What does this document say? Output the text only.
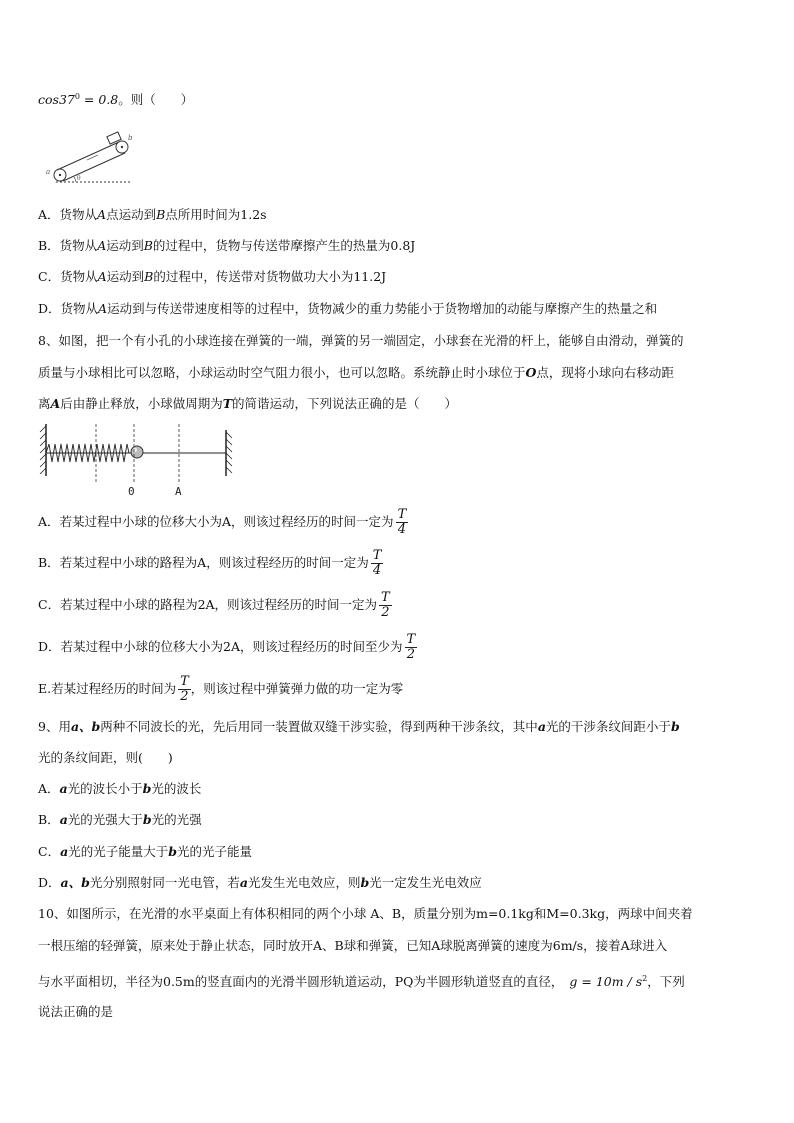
$\cos 37^0 = 0.8$。则（　　）
a
b
θ
A．货物从A点运动到B点所用时间为1.2s
B．货物从A运动到B的过程中，货物与传送带摩擦产生的热量为0.8J
C．货物从A运动到B的过程中，传送带对货物做功大小为11.2J
D．货物从A运动到与传送带速度相等的过程中，货物减少的重力势能小于货物增加的动能与摩擦产生的热量之和
8、如图，把一个有小孔的小球连接在弹簧的一端，弹簧的另一端固定，小球套在光滑的杆上，能够自由滑动，弹簧的
质量与小球相比可以忽略，小球运动时空气阻力很小，也可以忽略。系统静止时小球位于O点，现将小球向右移动距
离A后由静止释放，小球做周期为T的简谐运动，下列说法正确的是（　　）
0	A
A．若某过程中小球的位移大小为A，则该过程经历的时间一定为 $\frac{T}{4}$
B．若某过程中小球的路程为A，则该过程经历的时间一定为 $\frac{T}{4}$
C．若某过程中小球的路程为2A，则该过程经历的时间一定为 $\frac{T}{2}$
D．若某过程中小球的位移大小为2A，则该过程经历的时间至少为 $\frac{T}{2}$
E.若某过程经历的时间为 $\frac{T}{2}$ ，则该过程中弹簧弹力做的功一定为零
9、用a、b两种不同波长的光，先后用同一装置做双缝干涉实验，得到两种干涉条纹，其中a光的干涉条纹间距小于b
光的条纹间距，则(　　)
A．a光的波长小于b光的波长
B．a光的光强大于b光的光强
C．a光的光子能量大于b光的光子能量
D．a、b光分别照射同一光电管，若a光发生光电效应，则b光一定发生光电效应
10、如图所示，在光滑的水平桌面上有体积相同的两个小球 A、B，质量分别为m=0.1kg和M=0.3kg，两球中间夹着
一根压缩的轻弹簧，原来处于静止状态，同时放开A、B球和弹簧，已知A球脱离弹簧的速度为6m/s，接着A球进入
与水平面相切，半径为0.5m的竖直面内的光滑半圆形轨道运动，PQ为半圆形轨道竖直的直径， $g = 10m / s^2$，下列
说法正确的是
